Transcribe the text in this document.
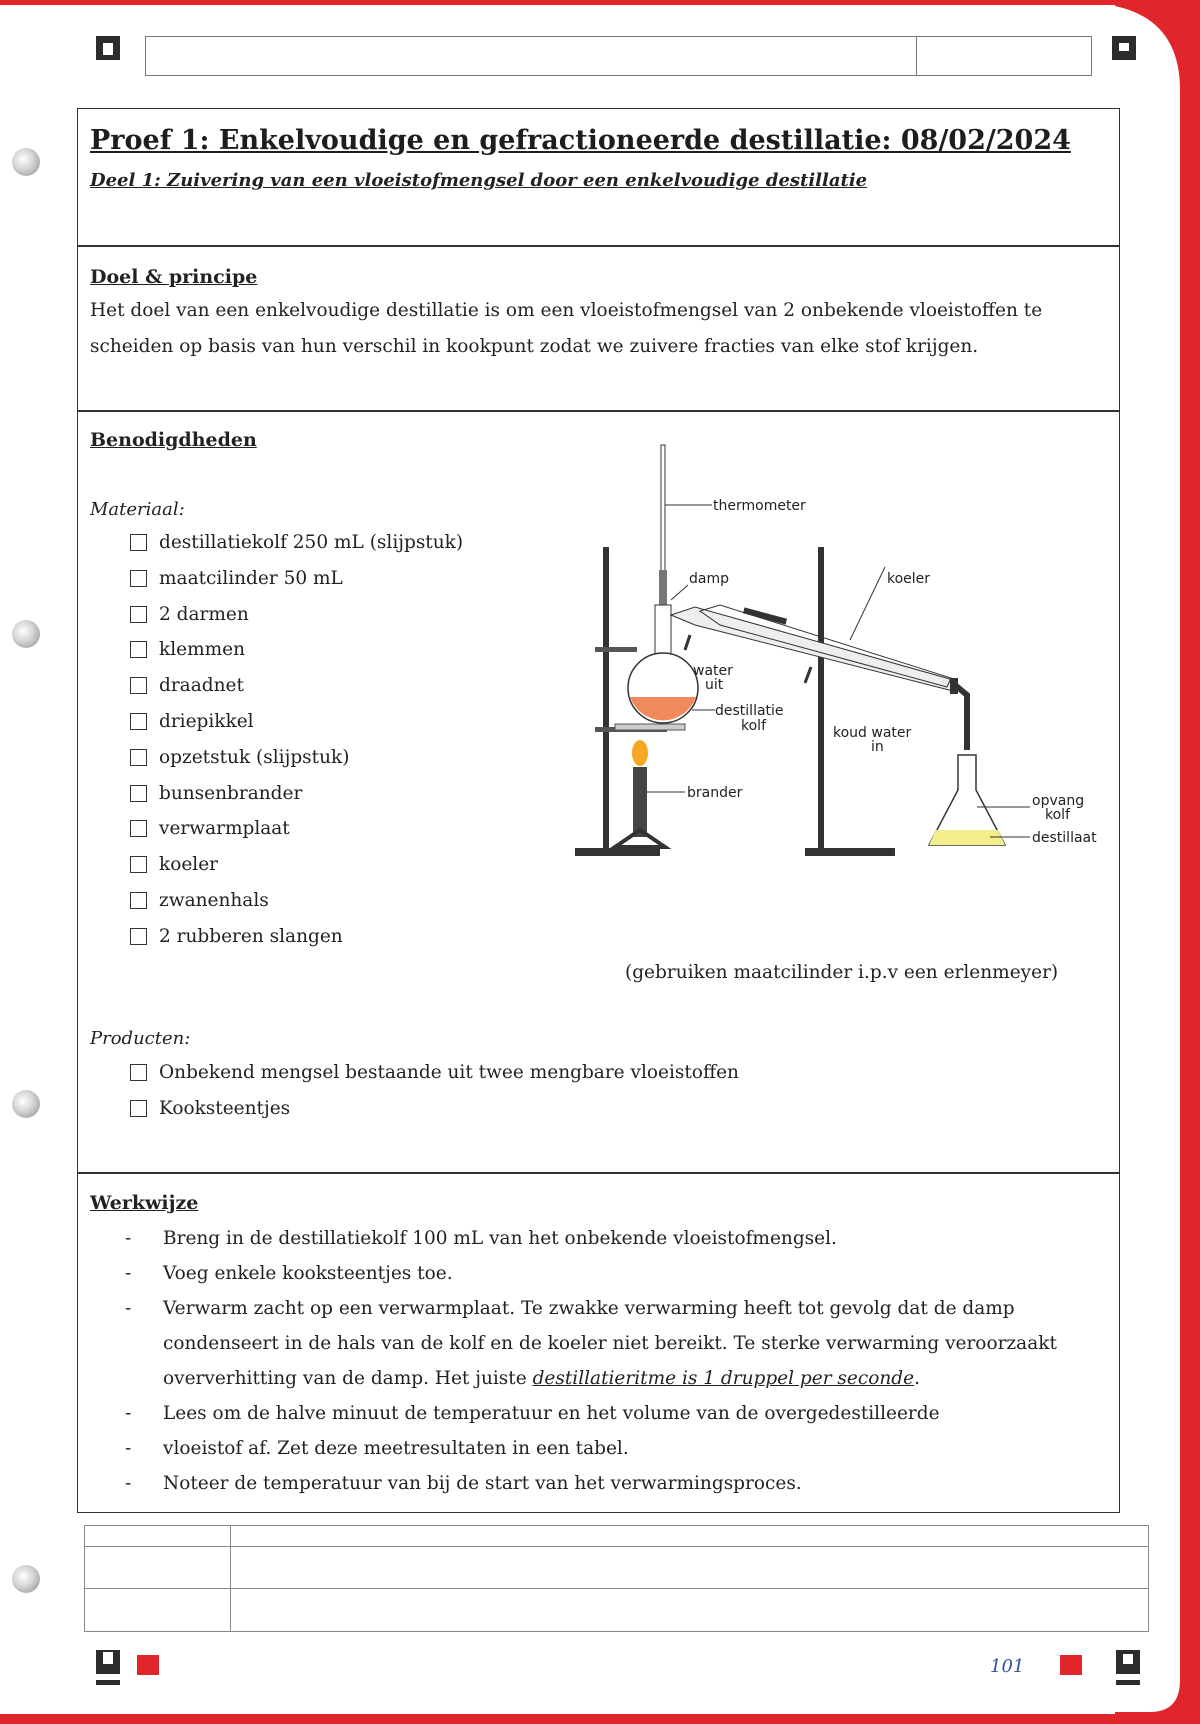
Proef 1: Enkelvoudige en gefractioneerde destillatie: 08/02/2024
Deel 1: Zuivering van een vloeistofmengsel door een enkelvoudige destillatie
Doel & principe
Het doel van een enkelvoudige destillatie is om een vloeistofmengsel van 2 onbekende vloeistoffen te
scheiden op basis van hun verschil in kookpunt zodat we zuivere fracties van elke stof krijgen.
Benodigdheden
Materiaal:
destillatiekolf 250 mL (slijpstuk)
maatcilinder 50 mL
2 darmen
klemmen
draadnet
driepikkel
opzetstuk (slijpstuk)
bunsenbrander
verwarmplaat
koeler
zwanenhals
2 rubberen slangen
(gebruiken maatcilinder i.p.v een erlenmeyer)
Producten:
Onbekend mengsel bestaande uit twee mengbare vloeistoffen
Kooksteentjes
thermometer
damp	koeler
water
uit
destillatie
kolf	koud water
in
brander	opvang
kolf
destillaat
Werkwijze
- Breng in de destillatiekolf 100 mL van het onbekende vloeistofmengsel.
- Voeg enkele kooksteentjes toe.
- Verwarm zacht op een verwarmplaat. Te zwakke verwarming heeft tot gevolg dat de damp
condenseert in de hals van de kolf en de koeler niet bereikt. Te sterke verwarming veroorzaakt
oververhitting van de damp. Het juiste destillatieritme is 1 druppel per seconde.
- Lees om de halve minuut de temperatuur en het volume van de overgedestilleerde
- vloeistof af. Zet deze meetresultaten in een tabel.
- Noteer de temperatuur van bij de start van het verwarmingsproces.
101
